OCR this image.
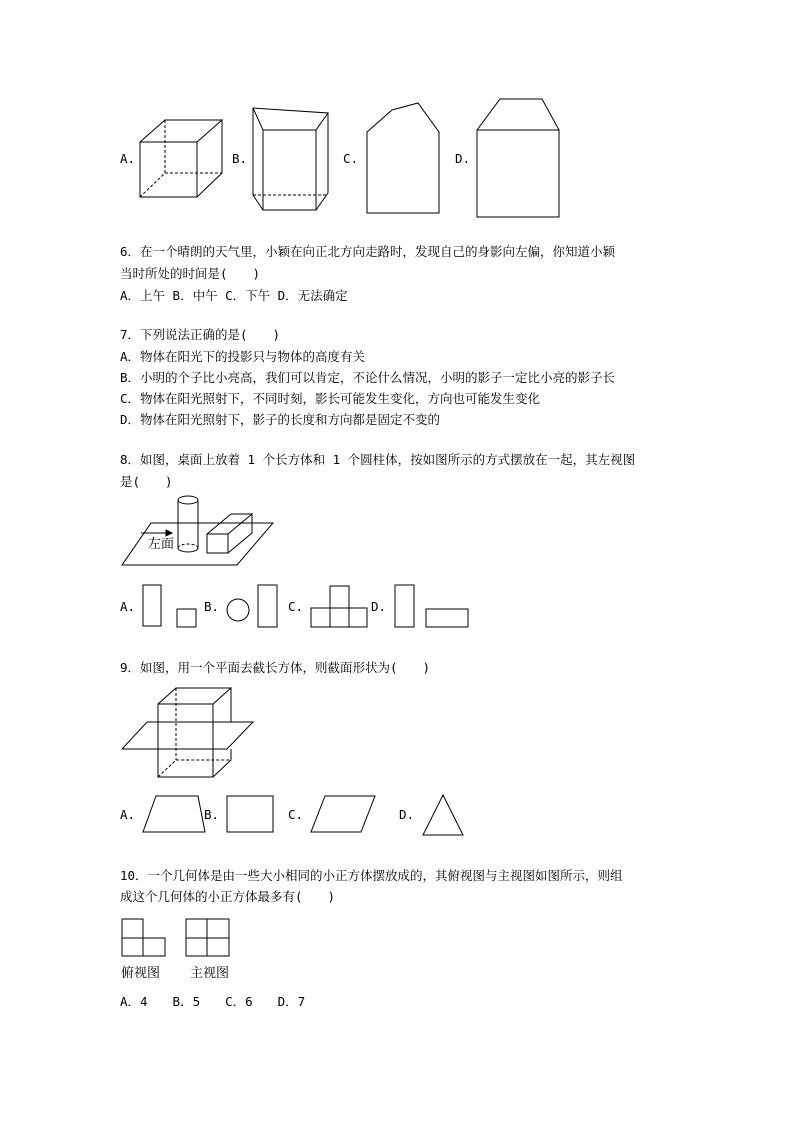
A.	B.	C.	D.
6．在一个晴朗的天气里，小颖在向正北方向走路时，发现自己的身影向左偏，你知道小颖
当时所处的时间是(　　)
A．上午 B．中午 C．下午 D．无法确定
7．下列说法正确的是(　　)
A．物体在阳光下的投影只与物体的高度有关
B．小明的个子比小亮高，我们可以肯定，不论什么情况，小明的影子一定比小亮的影子长
C．物体在阳光照射下，不同时刻，影长可能发生变化，方向也可能发生变化
D．物体在阳光照射下，影子的长度和方向都是固定不变的
8．如图，桌面上放着 1 个长方体和 1 个圆柱体，按如图所示的方式摆放在一起，其左视图
是(　　)
左面
A.	B.	C.	D.
9．如图，用一个平面去截长方体，则截面形状为(　　)
A.	B.	C.	D.
10．一个几何体是由一些大小相同的小正方体摆放成的，其俯视图与主视图如图所示，则组
成这个几何体的小正方体最多有(　　)
俯视图 主视图
A．4　　B．5　　C．6　　D．7
